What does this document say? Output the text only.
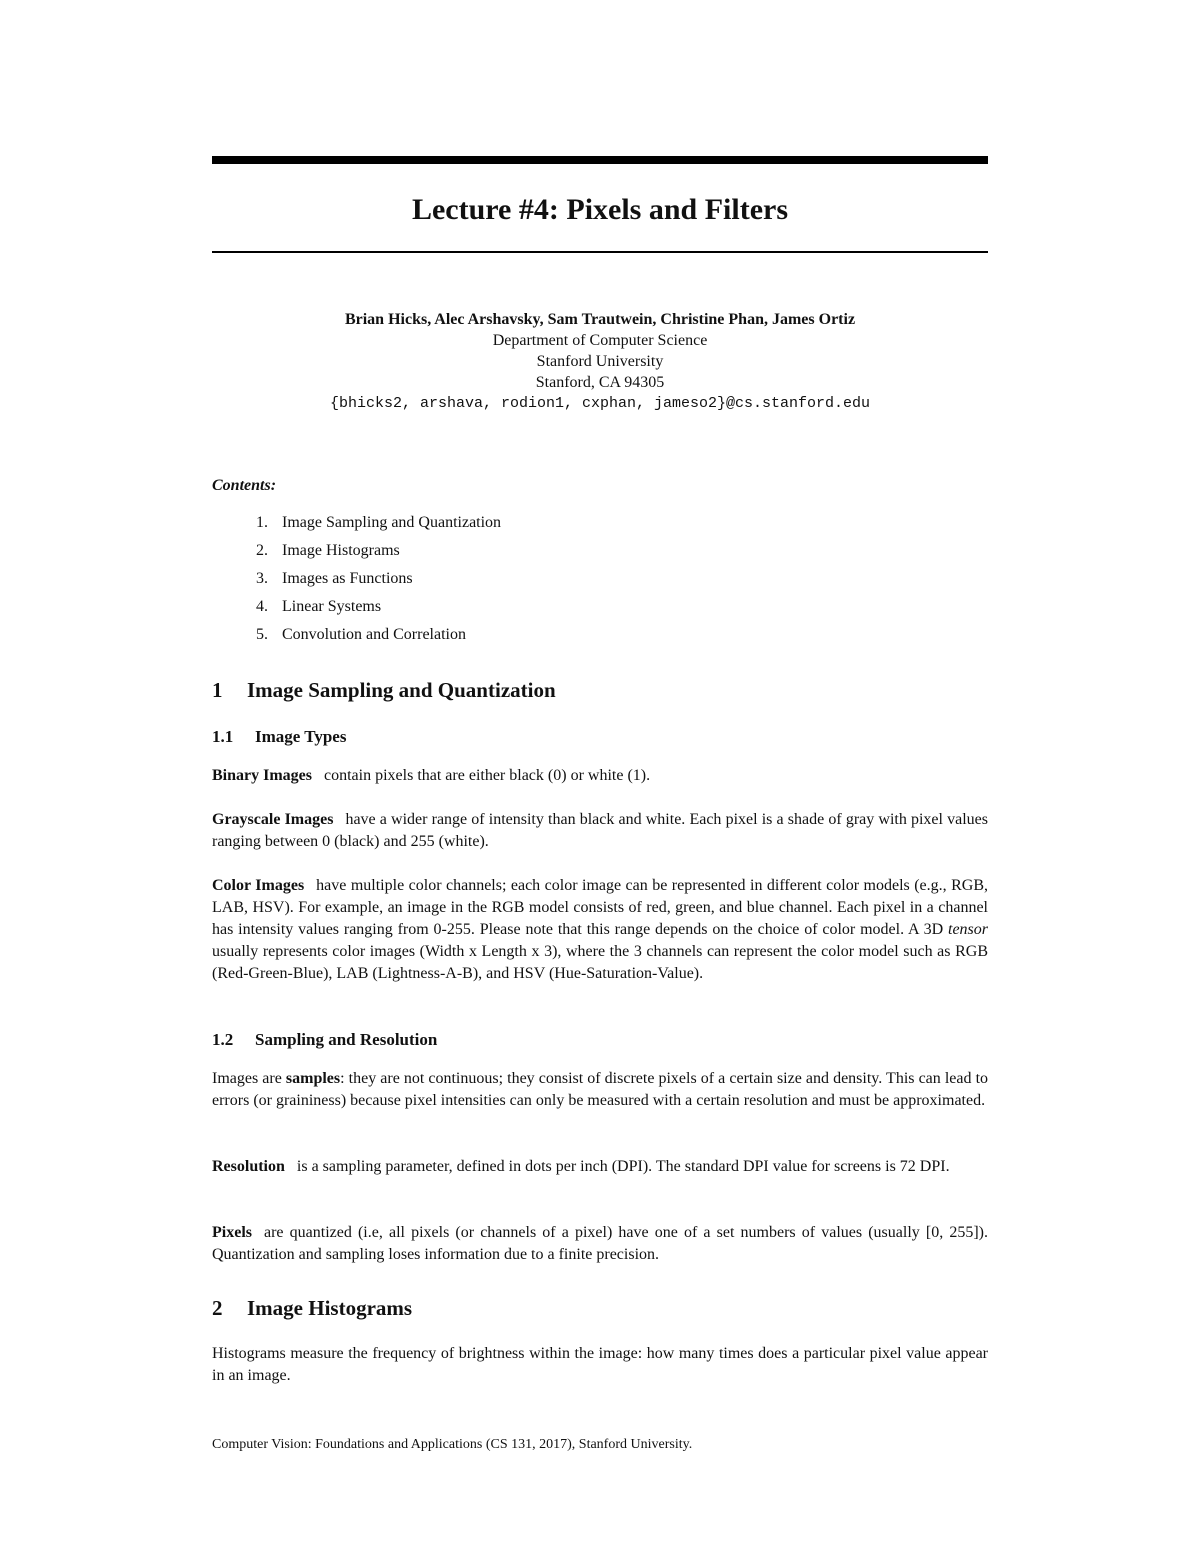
Lecture #4: Pixels and Filters
Brian Hicks, Alec Arshavsky, Sam Trautwein, Christine Phan, James Ortiz
Department of Computer Science
Stanford University
Stanford, CA 94305
{bhicks2, arshava, rodion1, cxphan, jameso2}@cs.stanford.edu
Contents:
1. Image Sampling and Quantization
2. Image Histograms
3. Images as Functions
4. Linear Systems
5. Convolution and Correlation
1 Image Sampling and Quantization
1.1 Image Types

Binary Images contain pixels that are either black (0) or white (1).

Grayscale Images have a wider range of intensity than black and white. Each pixel is a shade of gray with pixel values ranging between 0 (black) and 255 (white).

Color Images have multiple color channels; each color image can be represented in different color models (e.g., RGB, LAB, HSV). For example, an image in the RGB model consists of red, green, and blue channel. Each pixel in a channel has intensity values ranging from 0-255. Please note that this range depends on the choice of color model. A 3D tensor usually represents color images (Width x Length x 3), where the 3 channels can represent the color model such as RGB (Red-Green-Blue), LAB (Lightness-A-B), and HSV (Hue-Saturation-Value).

1.2 Sampling and Resolution

Images are samples: they are not continuous; they consist of discrete pixels of a certain size and density. This can lead to errors (or graininess) because pixel intensities can only be measured with a certain resolution and must be approximated.

Resolution is a sampling parameter, defined in dots per inch (DPI). The standard DPI value for screens is 72 DPI.

Pixels are quantized (i.e, all pixels (or channels of a pixel) have one of a set numbers of values (usually [0, 255]). Quantization and sampling loses information due to a finite precision.

2 Image Histograms

Histograms measure the frequency of brightness within the image: how many times does a particular pixel value appear in an image.

Computer Vision: Foundations and Applications (CS 131, 2017), Stanford University.
